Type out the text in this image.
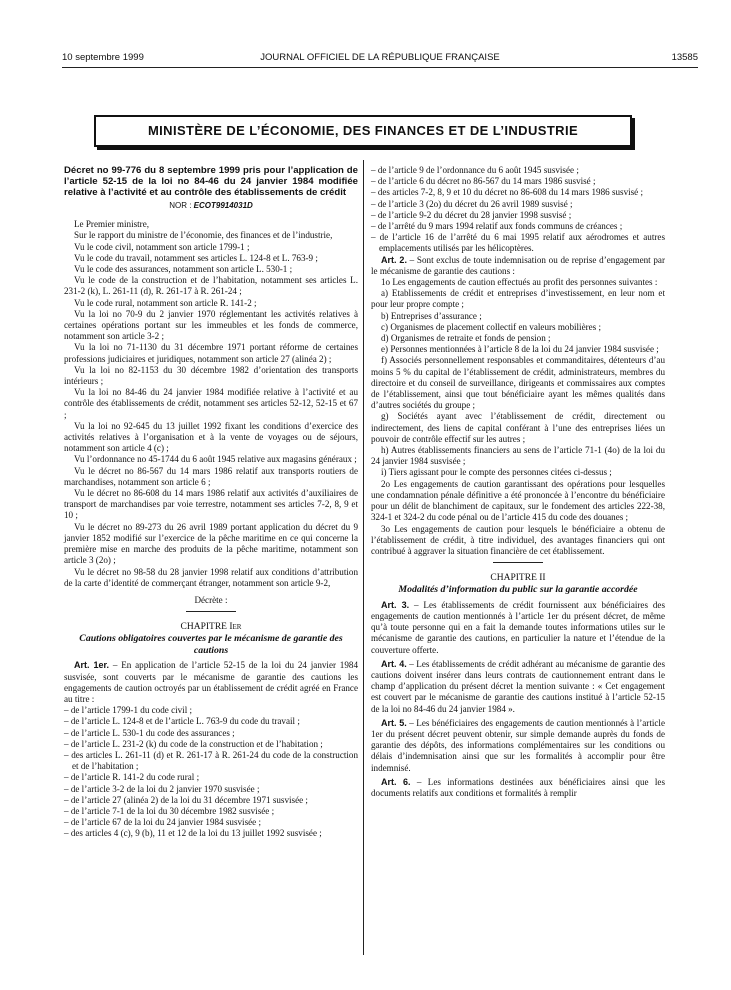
10 septembre 1999	JOURNAL OFFICIEL DE LA RÉPUBLIQUE FRANÇAISE	13585
MINISTÈRE DE L’ÉCONOMIE, DES FINANCES ET DE L’INDUSTRIE
Décret no 99-776 du 8 septembre 1999 pris pour l’application de l’article 52-15 de la loi no 84-46 du 24 janvier 1984 modifiée relative à l’activité et au contrôle des établissements de crédit
NOR : ECOT9914031D

Le Premier ministre,

Sur le rapport du ministre de l’économie, des finances et de l’industrie,

Vu le code civil, notamment son article 1799-1 ;

Vu le code du travail, notamment ses articles L. 124-8 et L. 763-9 ;

Vu le code des assurances, notamment son article L. 530-1 ;

Vu le code de la construction et de l’habitation, notamment ses articles L. 231-2 (k), L. 261-11 (d), R. 261-17 à R. 261-24 ;

Vu le code rural, notamment son article R. 141-2 ;

Vu la loi no 70-9 du 2 janvier 1970 réglementant les activités relatives à certaines opérations portant sur les immeubles et les fonds de commerce, notamment son article 3-2 ;

Vu la loi no 71-1130 du 31 décembre 1971 portant réforme de certaines professions judiciaires et juridiques, notamment son article 27 (alinéa 2) ;

Vu la loi no 82-1153 du 30 décembre 1982 d’orientation des transports intérieurs ;

Vu la loi no 84-46 du 24 janvier 1984 modifiée relative à l’activité et au contrôle des établissements de crédit, notamment ses articles 52-12, 52-15 et 67 ;

Vu la loi no 92-645 du 13 juillet 1992 fixant les conditions d’exercice des activités relatives à l’organisation et à la vente de voyages ou de séjours, notamment son article 4 (c) ;

Vu l’ordonnance no 45-1744 du 6 août 1945 relative aux magasins généraux ;

Vu le décret no 86-567 du 14 mars 1986 relatif aux transports routiers de marchandises, notamment son article 6 ;

Vu le décret no 86-608 du 14 mars 1986 relatif aux activités d’auxiliaires de transport de marchandises par voie terrestre, notamment ses articles 7-2, 8, 9 et 10 ;

Vu le décret no 89-273 du 26 avril 1989 portant application du décret du 9 janvier 1852 modifié sur l’exercice de la pêche maritime en ce qui concerne la première mise en marche des produits de la pêche maritime, notamment son article 3 (2o) ;

Vu le décret no 98-58 du 28 janvier 1998 relatif aux conditions d’attribution de la carte d’identité de commerçant étranger, notamment son article 9-2,

Décrète :

CHAPITRE Ier
Cautions obligatoires couvertes par le mécanisme de garantie des cautions

Art. 1er. – En application de l’article 52-15 de la loi du 24 janvier 1984 susvisée, sont couverts par le mécanisme de garantie des cautions les engagements de caution octroyés par un établissement de crédit agréé en France au titre :

– de l’article 1799-1 du code civil ;
– de l’article L. 124-8 et de l’article L. 763-9 du code du travail ;
– de l’article L. 530-1 du code des assurances ;
– de l’article L. 231-2 (k) du code de la construction et de l’habitation ;
– des articles L. 261-11 (d) et R. 261-17 à R. 261-24 du code de la construction et de l’habitation ;
– de l’article R. 141-2 du code rural ;
– de l’article 3-2 de la loi du 2 janvier 1970 susvisée ;
– de l’article 27 (alinéa 2) de la loi du 31 décembre 1971 susvisée ;
– de l’article 7-1 de la loi du 30 décembre 1982 susvisée ;
– de l’article 67 de la loi du 24 janvier 1984 susvisée ;
– des articles 4 (c), 9 (b), 11 et 12 de la loi du 13 juillet 1992 susvisée ;
– de l’article 9 de l’ordonnance du 6 août 1945 susvisée ;
– de l’article 6 du décret no 86-567 du 14 mars 1986 susvisé ;
– des articles 7-2, 8, 9 et 10 du décret no 86-608 du 14 mars 1986 susvisé ;
– de l’article 3 (2o) du décret du 26 avril 1989 susvisé ;
– de l’article 9-2 du décret du 28 janvier 1998 susvisé ;
– de l’arrêté du 9 mars 1994 relatif aux fonds communs de créances ;
– de l’article 16 de l’arrêté du 6 mai 1995 relatif aux aérodromes et autres emplacements utilisés par les hélicoptères.

Art. 2. – Sont exclus de toute indemnisation ou de reprise d’engagement par le mécanisme de garantie des cautions :

1o Les engagements de caution effectués au profit des personnes suivantes :

a) Etablissements de crédit et entreprises d’investissement, en leur nom et pour leur propre compte ;

b) Entreprises d’assurance ;

c) Organismes de placement collectif en valeurs mobilières ;

d) Organismes de retraite et fonds de pension ;

e) Personnes mentionnées à l’article 8 de la loi du 24 janvier 1984 susvisée ;

f) Associés personnellement responsables et commanditaires, détenteurs d’au moins 5 % du capital de l’établissement de crédit, administrateurs, membres du directoire et du conseil de surveillance, dirigeants et commissaires aux comptes de l’établissement, ainsi que tout bénéficiaire ayant les mêmes qualités dans d’autres sociétés du groupe ;

g) Sociétés ayant avec l’établissement de crédit, directement ou indirectement, des liens de capital conférant à l’une des entreprises liées un pouvoir de contrôle effectif sur les autres ;

h) Autres établissements financiers au sens de l’article 71-1 (4o) de la loi du 24 janvier 1984 susvisée ;

i) Tiers agissant pour le compte des personnes citées ci-dessus ;

2o Les engagements de caution garantissant des opérations pour lesquelles une condamnation pénale définitive a été prononcée à l’encontre du bénéficiaire pour un délit de blanchiment de capitaux, sur le fondement des articles 222-38, 324-1 et 324-2 du code pénal ou de l’article 415 du code des douanes ;

3o Les engagements de caution pour lesquels le bénéficiaire a obtenu de l’établissement de crédit, à titre individuel, des avantages financiers qui ont contribué à aggraver la situation financière de cet établissement.

CHAPITRE II
Modalités d’information du public sur la garantie accordée

Art. 3. – Les établissements de crédit fournissent aux bénéficiaires des engagements de caution mentionnés à l’article 1er du présent décret, de même qu’à toute personne qui en a fait la demande toutes informations utiles sur le mécanisme de garantie des cautions, en particulier la nature et l’étendue de la couverture offerte.

Art. 4. – Les établissements de crédit adhérant au mécanisme de garantie des cautions doivent insérer dans leurs contrats de cautionnement entrant dans le champ d’application du présent décret la mention suivante : « Cet engagement est couvert par le mécanisme de garantie des cautions institué à l’article 52-15 de la loi no 84-46 du 24 janvier 1984 ».

Art. 5. – Les bénéficiaires des engagements de caution mentionnés à l’article 1er du présent décret peuvent obtenir, sur simple demande auprès du fonds de garantie des dépôts, des informations complémentaires sur les conditions ou délais d’indemnisation ainsi que sur les formalités à accomplir pour être indemnisé.

Art. 6. – Les informations destinées aux bénéficiaires ainsi que les documents relatifs aux conditions et formalités à remplir
